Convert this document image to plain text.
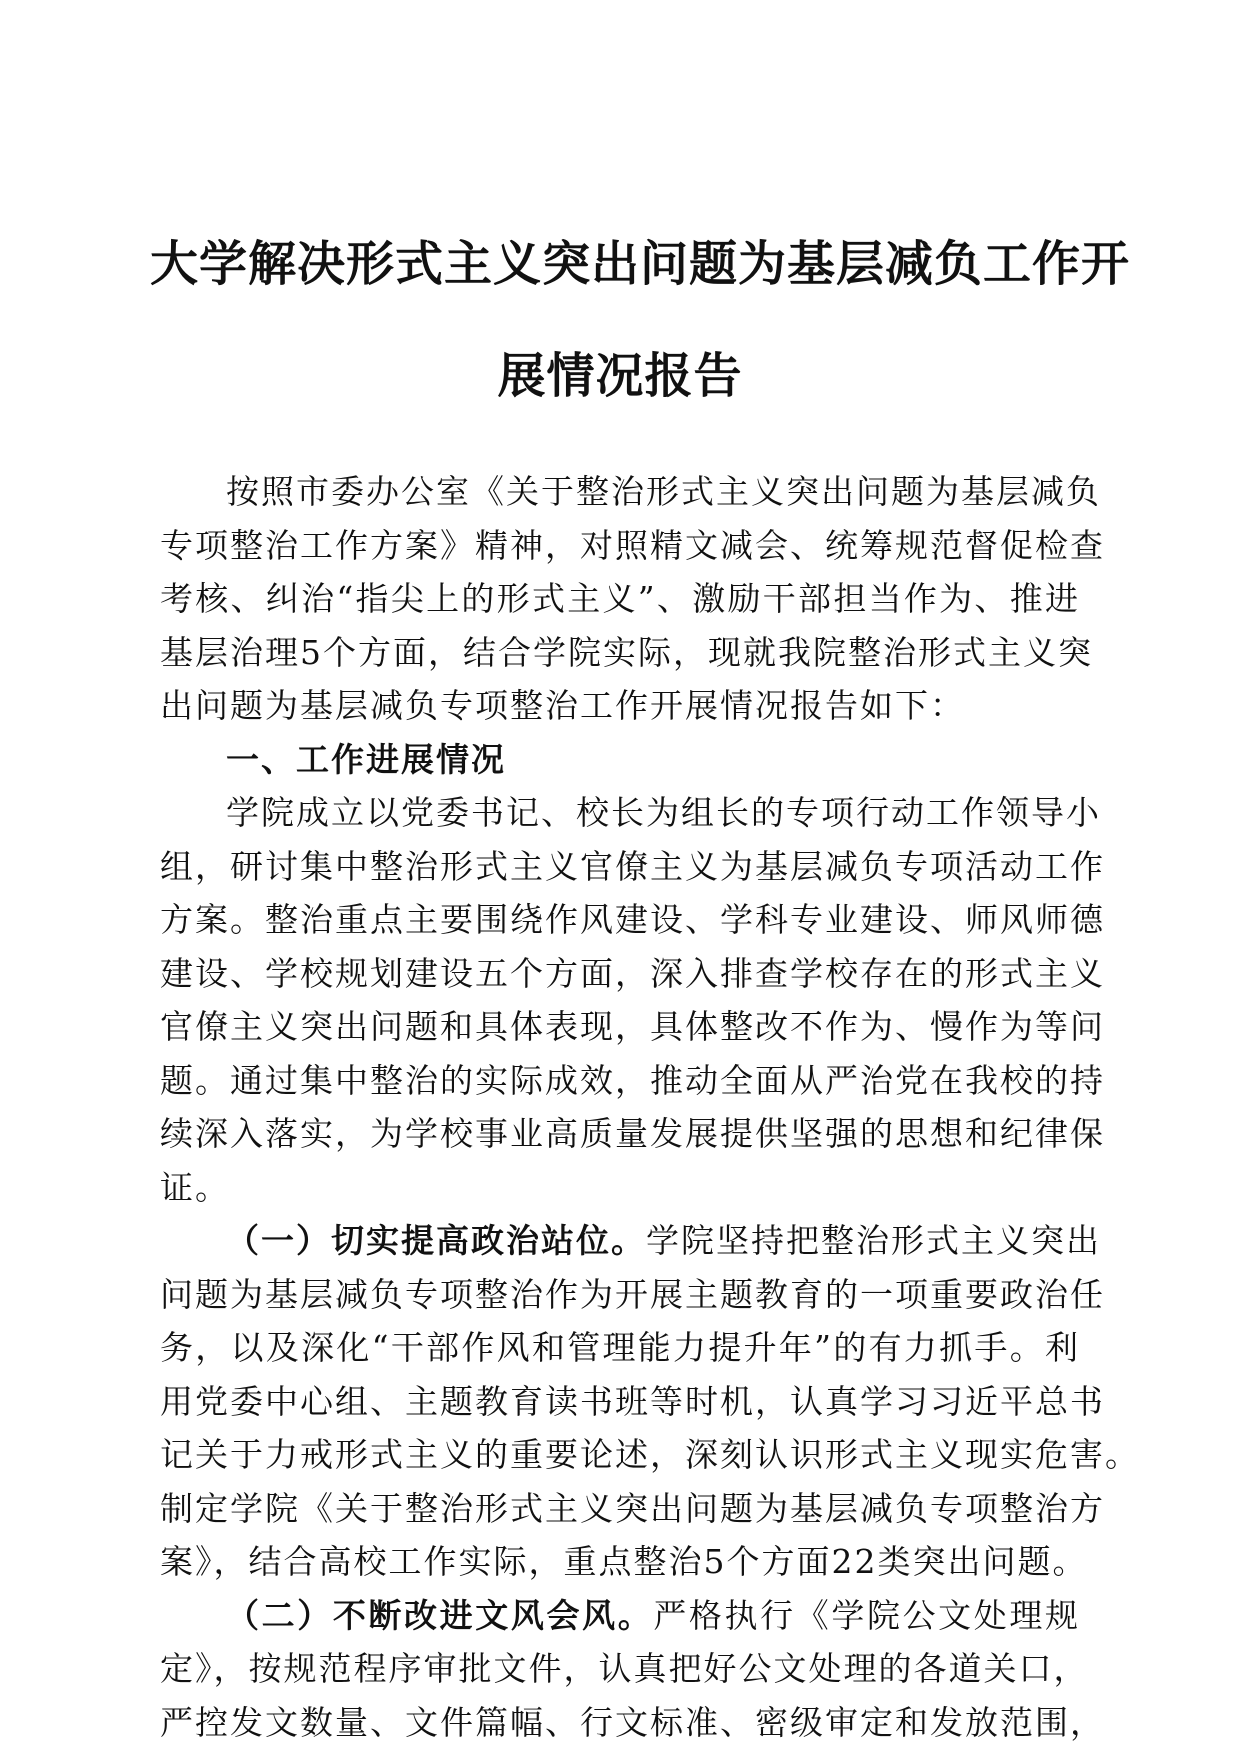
大学解决形式主义突出问题为基层减负工作开
展情况报告
按照市委办公室《关于整治形式主义突出问题为基层减负
专项整治工作方案》精神，对照精文减会、统筹规范督促检查
考核、纠治“指尖上的形式主义”、激励干部担当作为、推进
基层治理5个方面，结合学院实际，现就我院整治形式主义突
出问题为基层减负专项整治工作开展情况报告如下：
一、工作进展情况
学院成立以党委书记、校长为组长的专项行动工作领导小
组，研讨集中整治形式主义官僚主义为基层减负专项活动工作
方案。整治重点主要围绕作风建设、学科专业建设、师风师德
建设、学校规划建设五个方面，深入排查学校存在的形式主义
官僚主义突出问题和具体表现，具体整改不作为、慢作为等问
题。通过集中整治的实际成效，推动全面从严治党在我校的持
续深入落实，为学校事业高质量发展提供坚强的思想和纪律保
证。
（一）切实提高政治站位。学院坚持把整治形式主义突出
问题为基层减负专项整治作为开展主题教育的一项重要政治任
务，以及深化“干部作风和管理能力提升年”的有力抓手。利
用党委中心组、主题教育读书班等时机，认真学习习近平总书
记关于力戒形式主义的重要论述，深刻认识形式主义现实危害。
制定学院《关于整治形式主义突出问题为基层减负专项整治方
案》，结合高校工作实际，重点整治5个方面22类突出问题。
（二）不断改进文风会风。严格执行《学院公文处理规
定》，按规范程序审批文件，认真把好公文处理的各道关口，
严控发文数量、文件篇幅、行文标准、密级审定和发放范围，
